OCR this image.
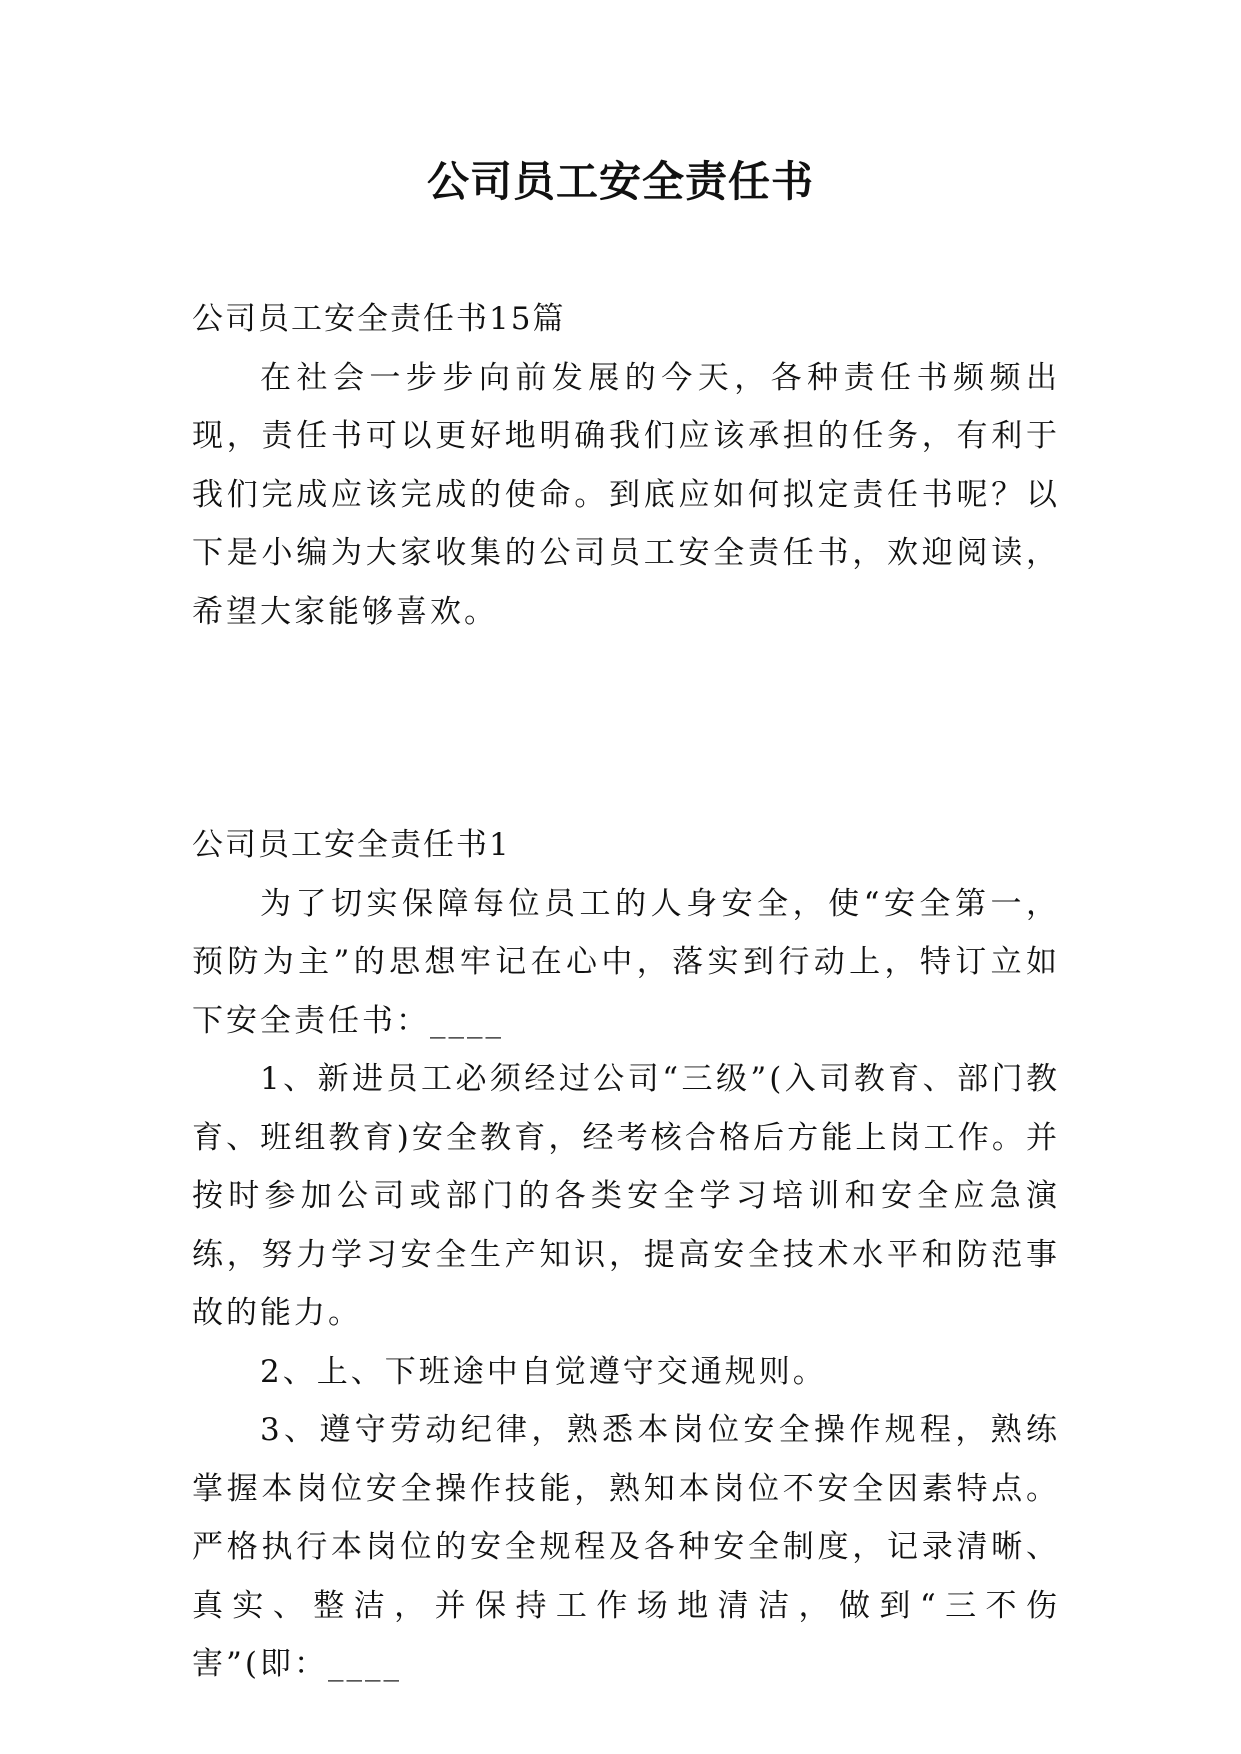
公司员工安全责任书

公司员工安全责任书15篇

在社会一步步向前发展的今天，各种责任书频频出现，责任书可以更好地明确我们应该承担的任务，有利于我们完成应该完成的使命。到底应如何拟定责任书呢？以下是小编为大家收集的公司员工安全责任书，欢迎阅读，希望大家能够喜欢。

公司员工安全责任书1

为了切实保障每位员工的人身安全，使“安全第一，预防为主”的思想牢记在心中，落实到行动上，特订立如下安全责任书：____

1、新进员工必须经过公司“三级”(入司教育、部门教育、班组教育)安全教育，经考核合格后方能上岗工作。并按时参加公司或部门的各类安全学习培训和安全应急演练，努力学习安全生产知识，提高安全技术水平和防范事故的能力。

2、上、下班途中自觉遵守交通规则。

3、遵守劳动纪律，熟悉本岗位安全操作规程，熟练掌握本岗位安全操作技能，熟知本岗位不安全因素特点。严格执行本岗位的安全规程及各种安全制度，记录清晰、真实、整洁，并保持工作场地清洁，做到“三不伤害”(即：____
